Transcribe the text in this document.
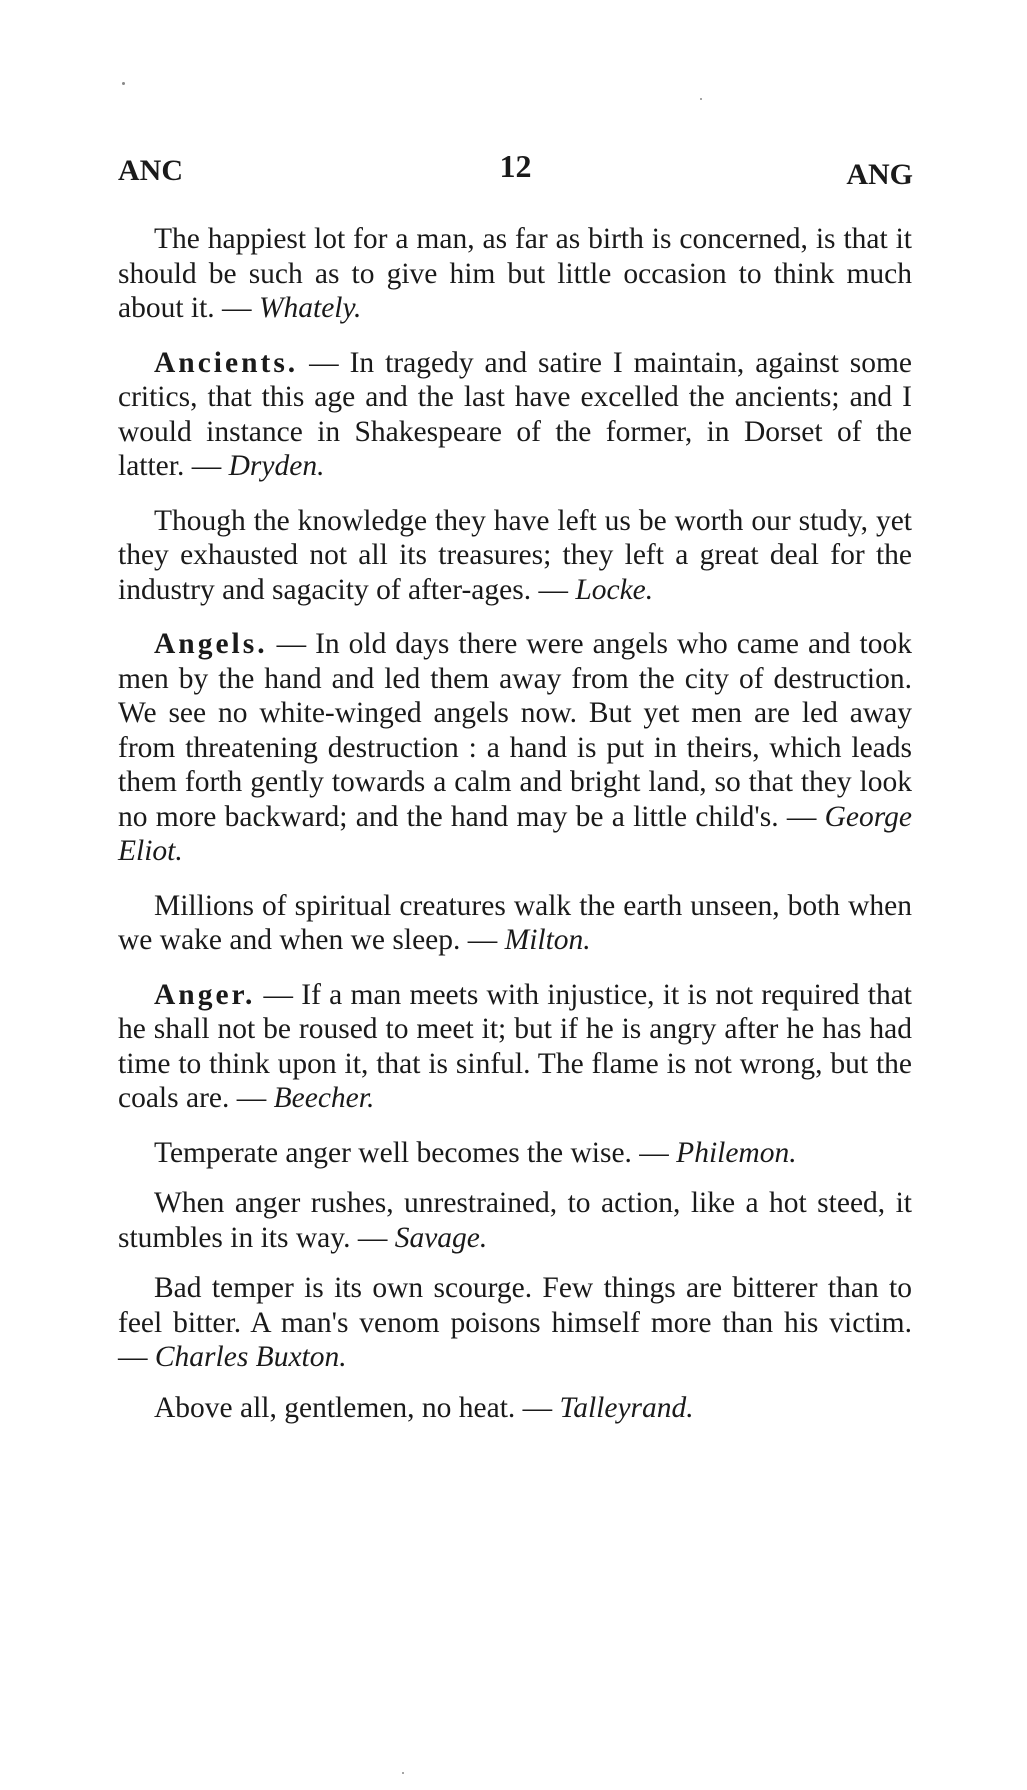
ANC	12	ANG

The happiest lot for a man, as far as birth is concerned, is that it should be such as to give him but little occasion to think much about it. — Whately.

Ancients. — In tragedy and satire I maintain, against some critics, that this age and the last have excelled the ancients; and I would instance in Shakespeare of the former, in Dorset of the latter. — Dryden.

Though the knowledge they have left us be worth our study, yet they exhausted not all its treasures; they left a great deal for the industry and sagacity of after-ages. — Locke.

Angels. — In old days there were angels who came and took men by the hand and led them away from the city of destruction. We see no white-winged angels now. But yet men are led away from threatening destruction : a hand is put in theirs, which leads them forth gently towards a calm and bright land, so that they look no more backward; and the hand may be a little child's. — George Eliot.

Millions of spiritual creatures walk the earth unseen, both when we wake and when we sleep. — Milton.

Anger. — If a man meets with injustice, it is not required that he shall not be roused to meet it; but if he is angry after he has had time to think upon it, that is sinful. The flame is not wrong, but the coals are. — Beecher.

Temperate anger well becomes the wise. — Philemon.

When anger rushes, unrestrained, to action, like a hot steed, it stumbles in its way. — Savage.

Bad temper is its own scourge. Few things are bitterer than to feel bitter. A man's venom poisons himself more than his victim. — Charles Buxton.

Above all, gentlemen, no heat. — Talleyrand.
